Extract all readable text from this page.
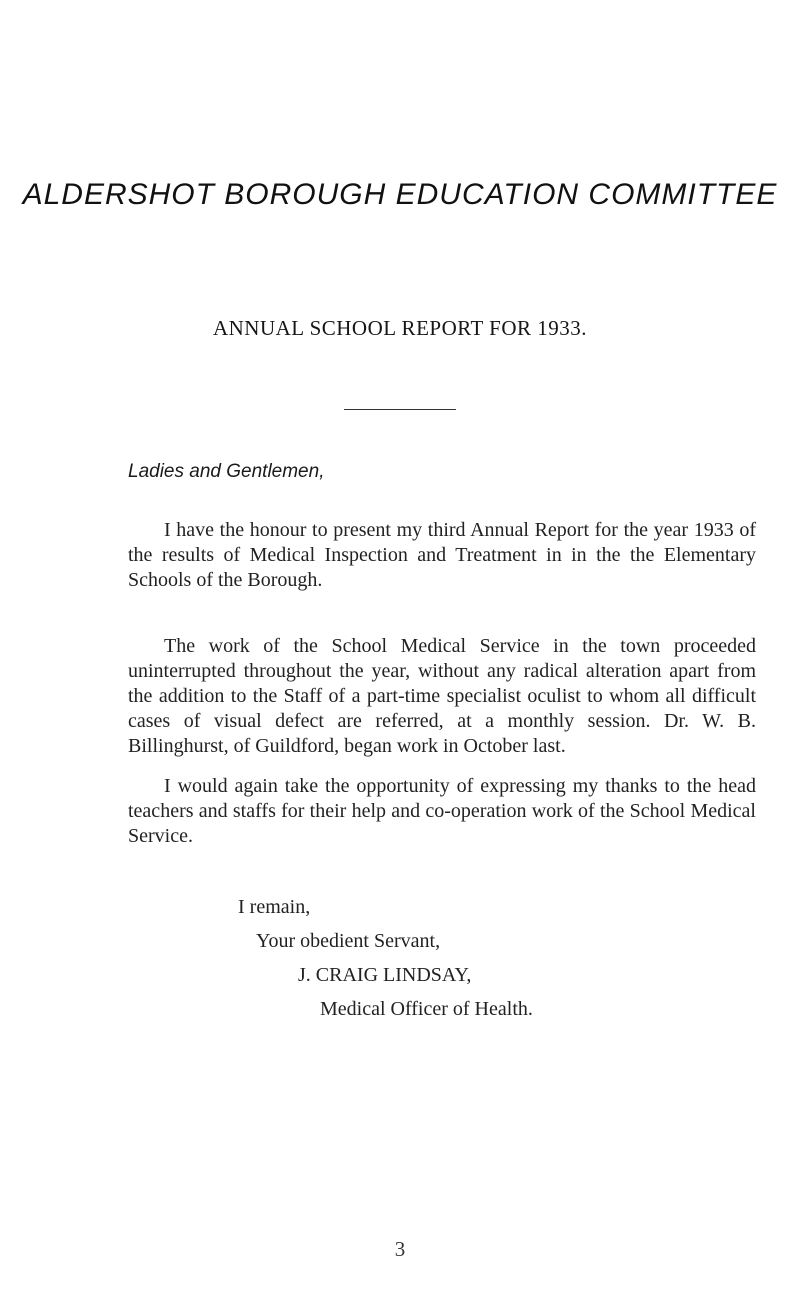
ALDERSHOT BOROUGH EDUCATION COMMITTEE
ANNUAL SCHOOL REPORT FOR 1933.
Ladies and Gentlemen,

I have the honour to present my third Annual Report for the year 1933 of the results of Medical Inspection and Treatment in in the the Elementary Schools of the Borough.

The work of the School Medical Service in the town proceeded uninterrupted throughout the year, without any radical alteration apart from the addition to the Staff of a part-time specialist oculist to whom all difficult cases of visual defect are referred, at a monthly session. Dr. W. B. Billinghurst, of Guildford, began work in October last.

I would again take the opportunity of expressing my thanks to the head teachers and staffs for their help and co-operation work of the School Medical Service.

I remain,

Your obedient Servant,

J. CRAIG LINDSAY,

Medical Officer of Health.

3
